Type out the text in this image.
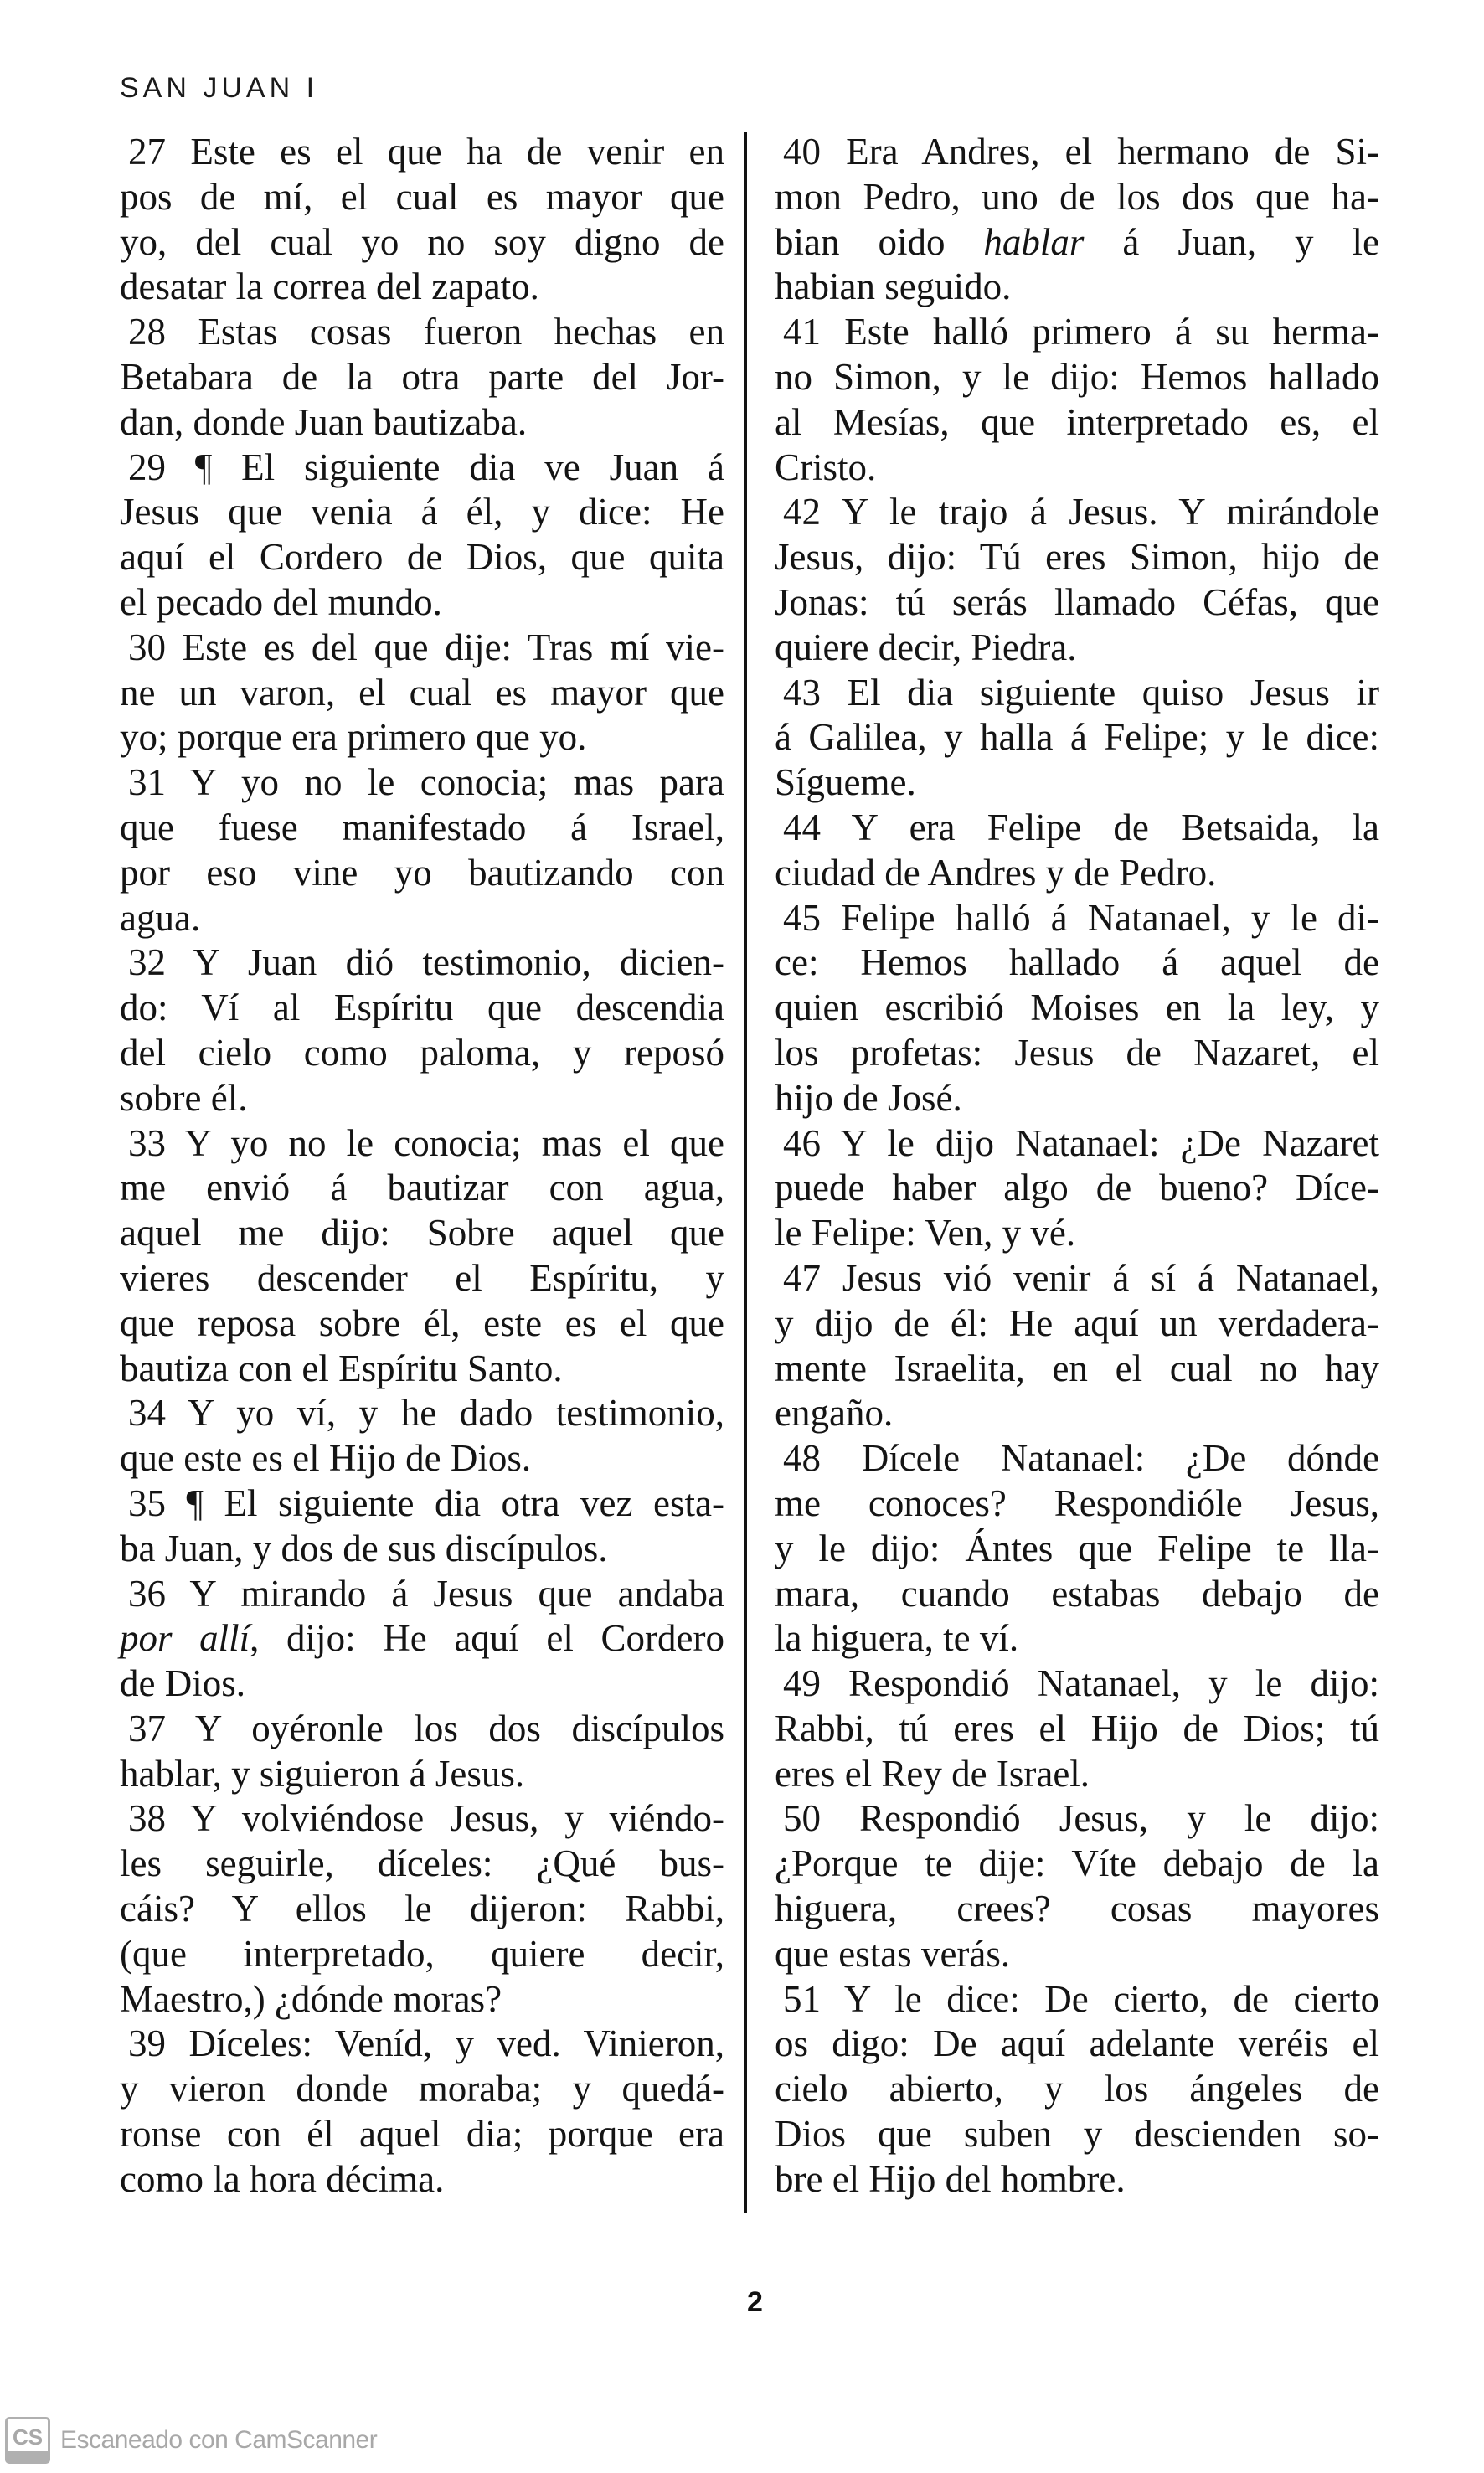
SAN JUAN I
27 Este es el que ha de venir en
pos de mí, el cual es mayor que
yo, del cual yo no soy digno de
desatar la correa del zapato.
28 Estas cosas fueron hechas en
Betabara de la otra parte del Jor-
dan, donde Juan bautizaba.
29 ¶ El siguiente dia ve Juan á
Jesus que venia á él, y dice: He
aquí el Cordero de Dios, que quita
el pecado del mundo.
30 Este es del que dije: Tras mí vie-
ne un varon, el cual es mayor que
yo; porque era primero que yo.
31 Y yo no le conocia; mas para
que fuese manifestado á Israel,
por eso vine yo bautizando con
agua.
32 Y Juan dió testimonio, dicien-
do: Ví al Espíritu que descendia
del cielo como paloma, y reposó
sobre él.
33 Y yo no le conocia; mas el que
me envió á bautizar con agua,
aquel me dijo: Sobre aquel que
vieres descender el Espíritu, y
que reposa sobre él, este es el que
bautiza con el Espíritu Santo.
34 Y yo ví, y he dado testimonio,
que este es el Hijo de Dios.
35 ¶ El siguiente dia otra vez esta-
ba Juan, y dos de sus discípulos.
36 Y mirando á Jesus que andaba
por allí, dijo: He aquí el Cordero
de Dios.
37 Y oyéronle los dos discípulos
hablar, y siguieron á Jesus.
38 Y volviéndose Jesus, y viéndo-
les seguirle, díceles: ¿Qué bus-
cáis? Y ellos le dijeron: Rabbi,
(que interpretado, quiere decir,
Maestro,) ¿dónde moras?
39 Díceles: Veníd, y ved. Vinieron,
y vieron donde moraba; y quedá-
ronse con él aquel dia; porque era
como la hora décima.
40 Era Andres, el hermano de Si-
mon Pedro, uno de los dos que ha-
bian oido hablar á Juan, y le
habian seguido.
41 Este halló primero á su herma-
no Simon, y le dijo: Hemos hallado
al Mesías, que interpretado es, el
Cristo.
42 Y le trajo á Jesus. Y mirándole
Jesus, dijo: Tú eres Simon, hijo de
Jonas: tú serás llamado Céfas, que
quiere decir, Piedra.
43 El dia siguiente quiso Jesus ir
á Galilea, y halla á Felipe; y le dice:
Sígueme.
44 Y era Felipe de Betsaida, la
ciudad de Andres y de Pedro.
45 Felipe halló á Natanael, y le di-
ce: Hemos hallado á aquel de
quien escribió Moises en la ley, y
los profetas: Jesus de Nazaret, el
hijo de José.
46 Y le dijo Natanael: ¿De Nazaret
puede haber algo de bueno? Díce-
le Felipe: Ven, y vé.
47 Jesus vió venir á sí á Natanael,
y dijo de él: He aquí un verdadera-
mente Israelita, en el cual no hay
engaño.
48 Dícele Natanael: ¿De dónde
me conoces? Respondióle Jesus,
y le dijo: Ántes que Felipe te lla-
mara, cuando estabas debajo de
la higuera, te ví.
49 Respondió Natanael, y le dijo:
Rabbi, tú eres el Hijo de Dios; tú
eres el Rey de Israel.
50 Respondió Jesus, y le dijo:
¿Porque te dije: Víte debajo de la
higuera, crees? cosas mayores
que estas verás.
51 Y le dice: De cierto, de cierto
os digo: De aquí adelante veréis el
cielo abierto, y los ángeles de
Dios que suben y descienden so-
bre el Hijo del hombre.
2
CS Escaneado con CamScanner
